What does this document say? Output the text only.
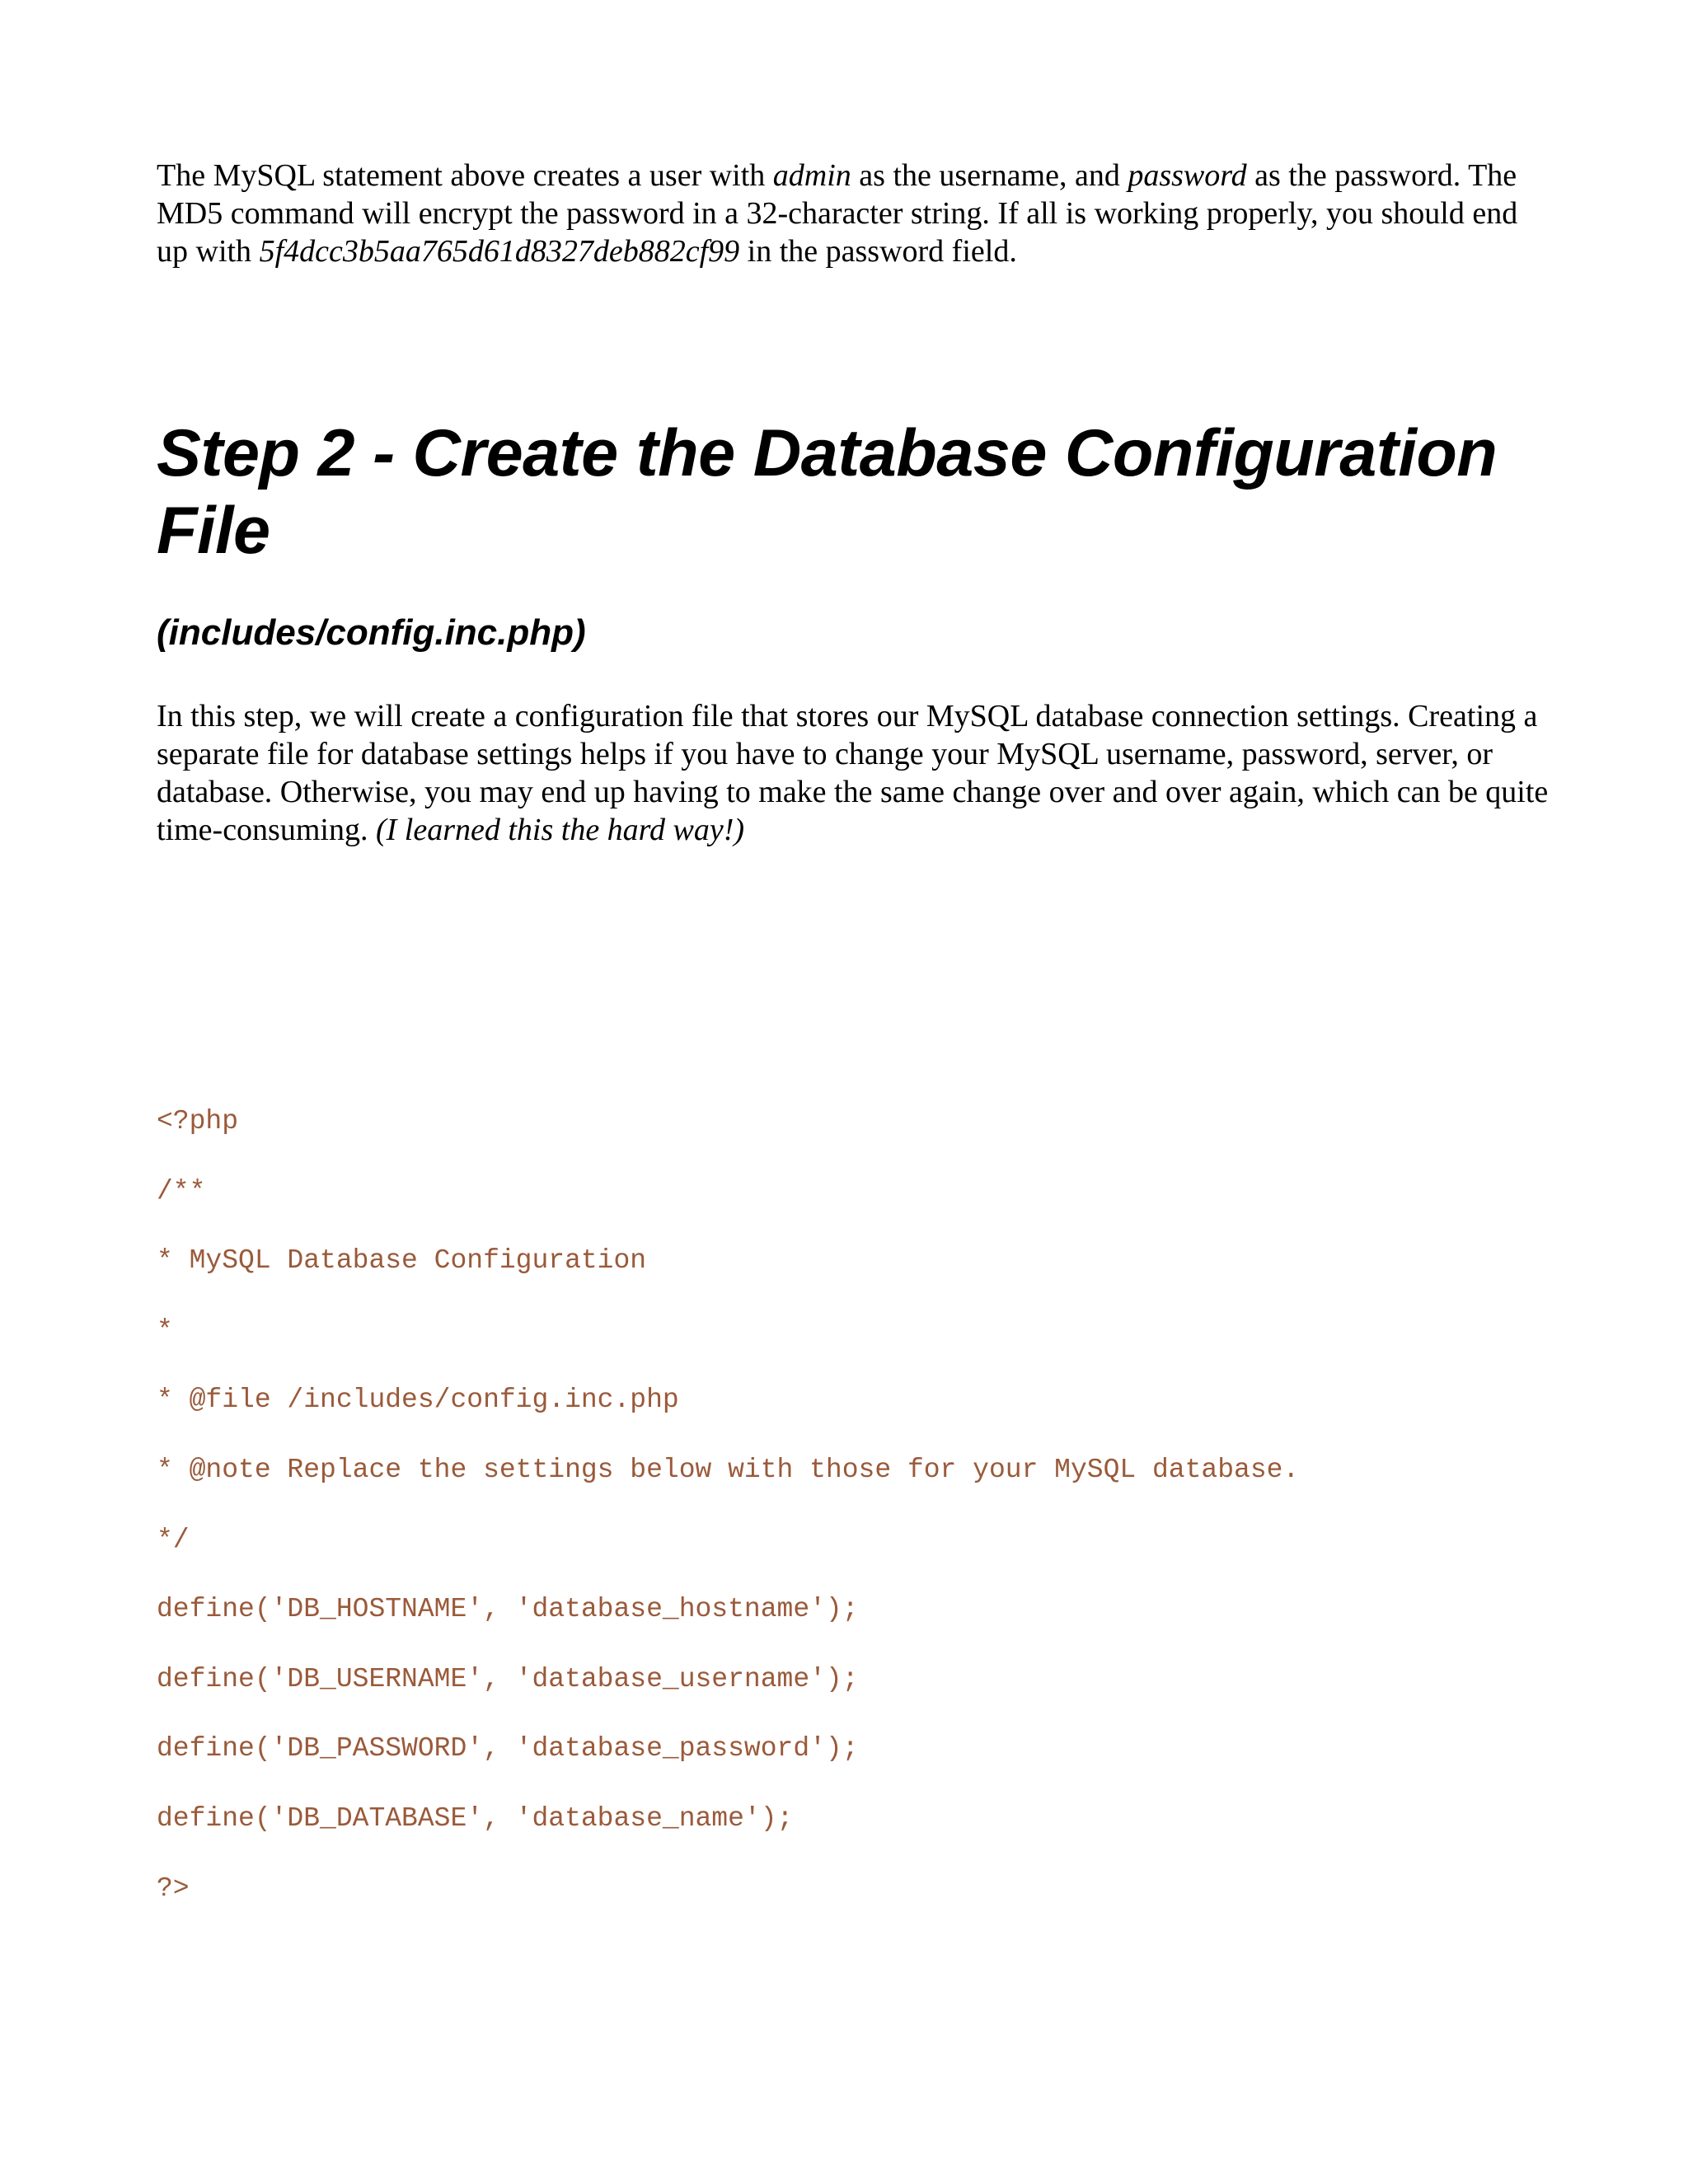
The MySQL statement above creates a user with admin as the username, and password as the password. The MD5 command will encrypt the password in a 32-character string. If all is working properly, you should end up with 5f4dcc3b5aa765d61d8327deb882cf99 in the password field.

Step 2 - Create the Database Configuration File
(includes/config.inc.php)

In this step, we will create a configuration file that stores our MySQL database connection settings. Creating a separate file for database settings helps if you have to change your MySQL username, password, server, or database. Otherwise, you may end up having to make the same change over and over again, which can be quite time-consuming. (I learned this the hard way!)

<?php
/**
* MySQL Database Configuration
*
* @file /includes/config.inc.php
* @note Replace the settings below with those for your MySQL database.
*/
define('DB_HOSTNAME', 'database_hostname');
define('DB_USERNAME', 'database_username');
define('DB_PASSWORD', 'database_password');
define('DB_DATABASE', 'database_name');
?>
